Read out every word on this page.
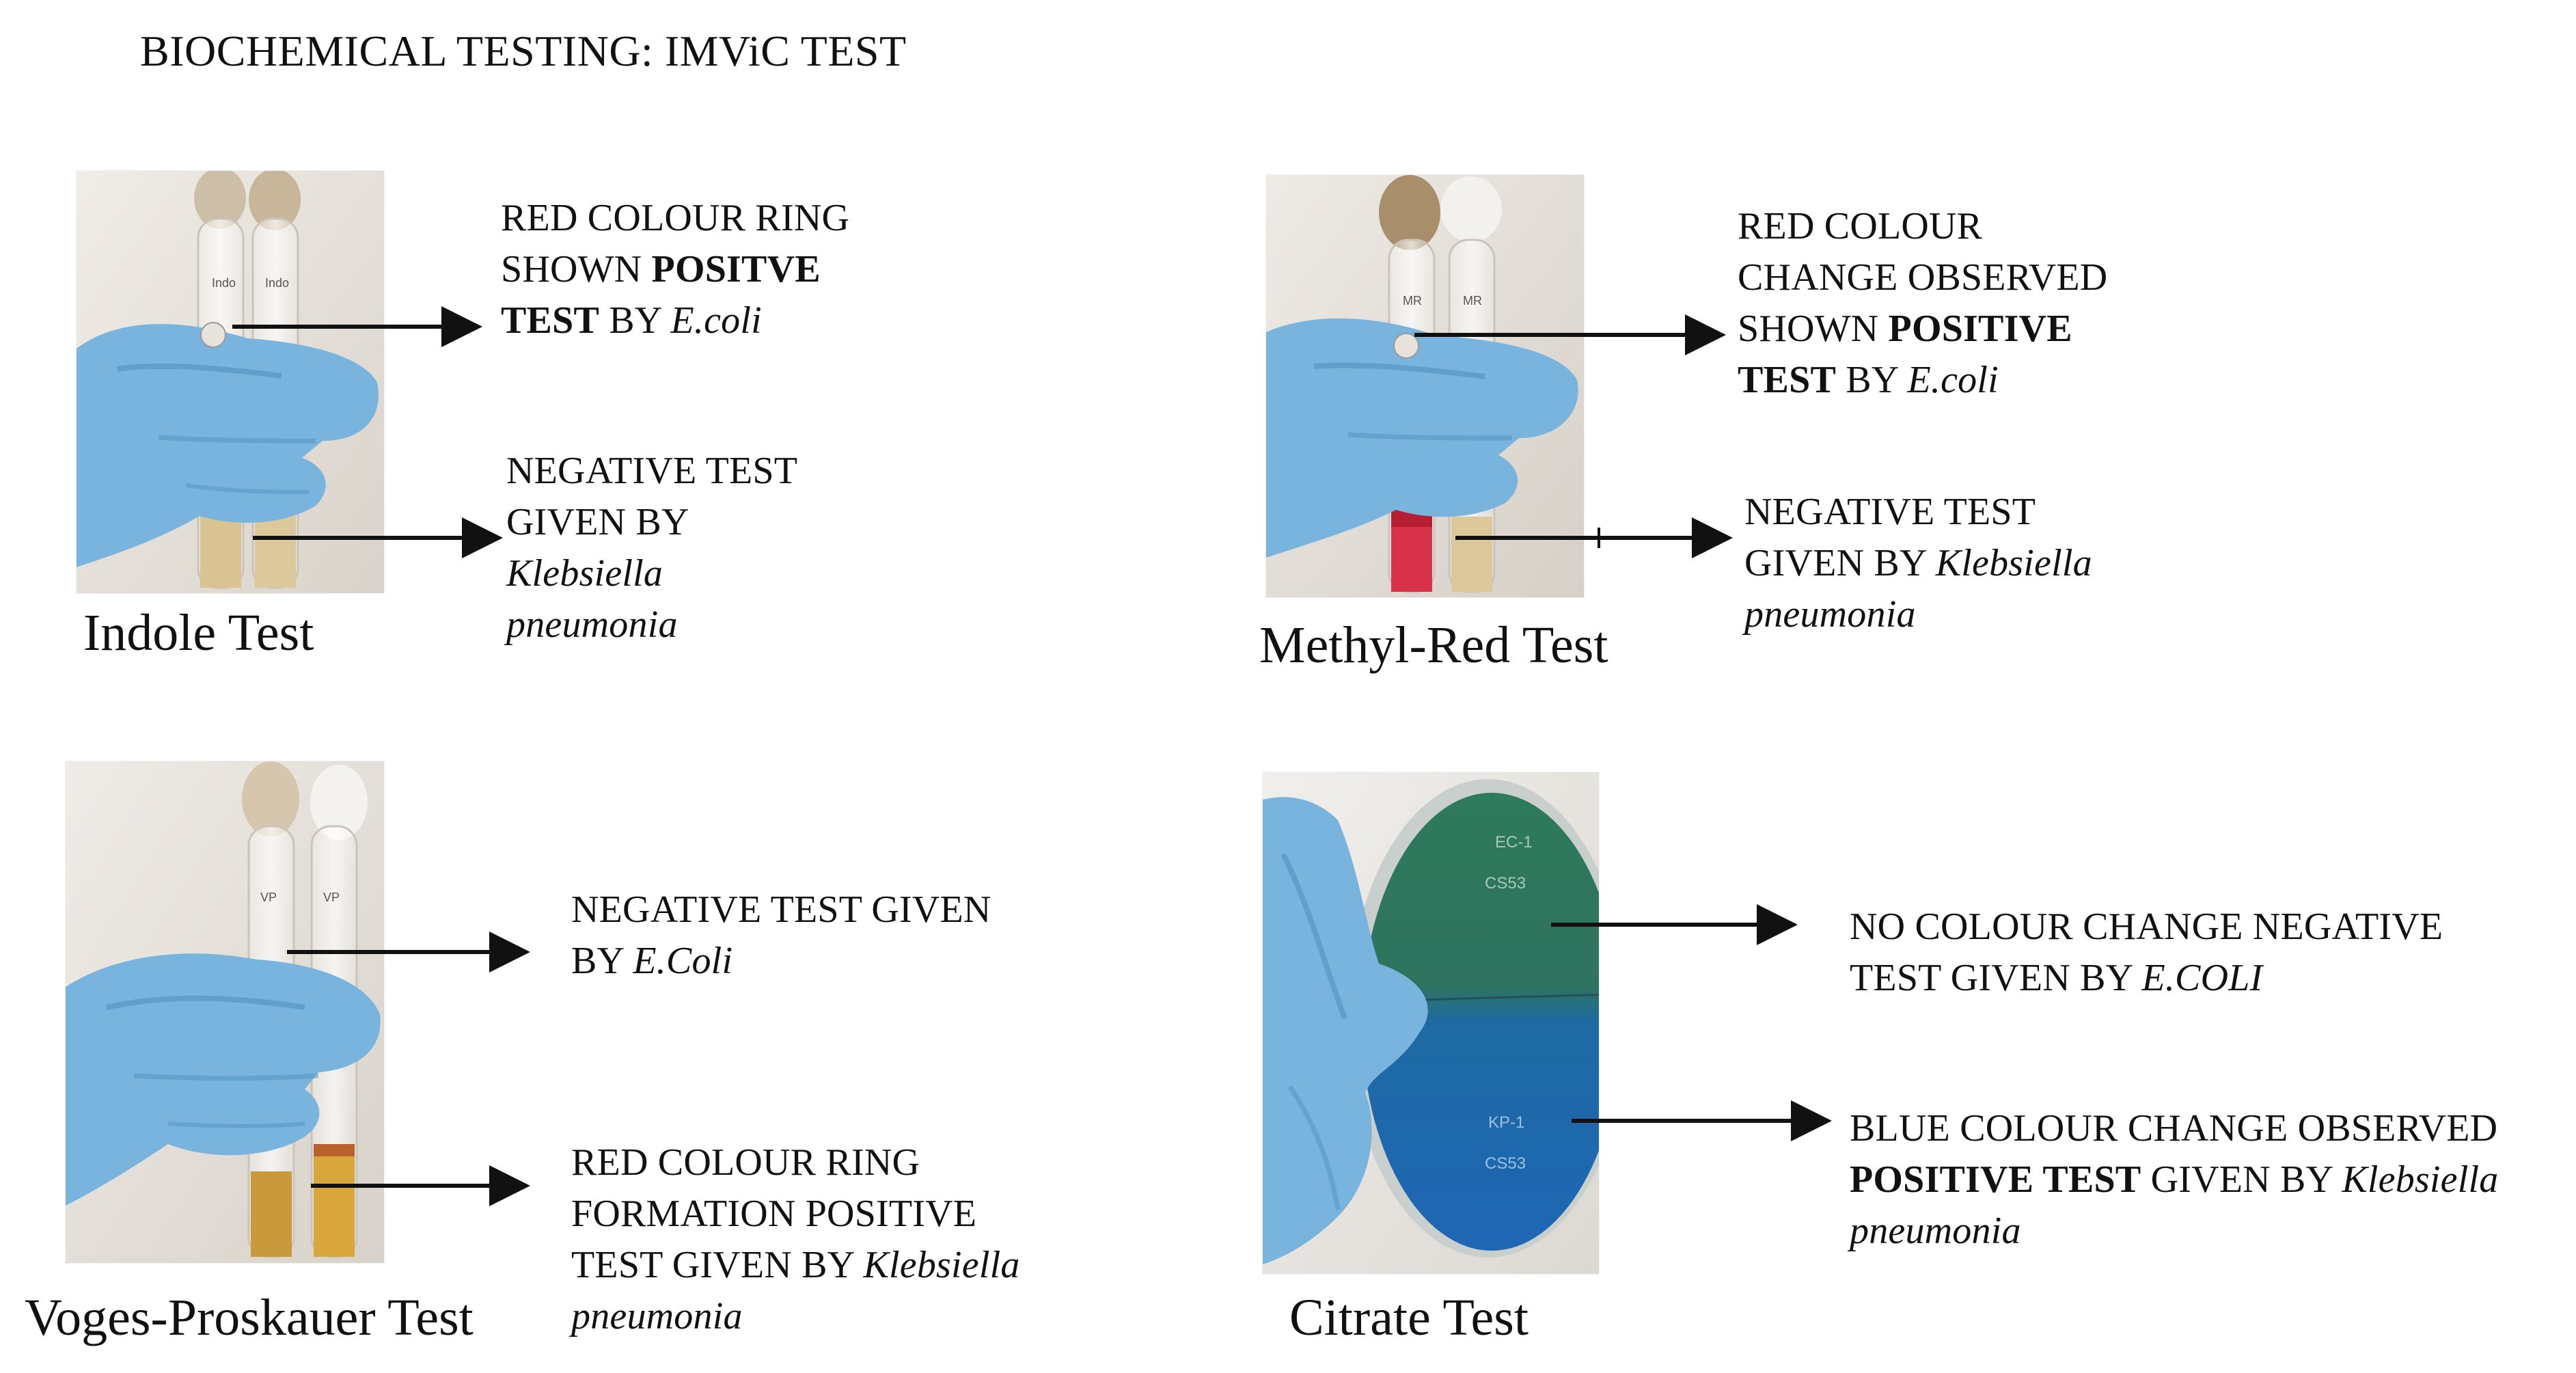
BIOCHEMICAL TESTING: IMViC TEST
Indo Indo
Indole Test
RED COLOUR RING
SHOWN POSITVE
TEST BY E.coli
NEGATIVE TEST
GIVEN BY
Klebsiella
pneumonia
MR	MR
Methyl-Red Test
RED COLOUR
CHANGE OBSERVED
SHOWN POSITIVE
TEST BY E.coli
NEGATIVE TEST
GIVEN BY Klebsiella
pneumonia
VP	VP
Voges-Proskauer Test
NEGATIVE TEST GIVEN
BY E.Coli
RED COLOUR RING
FORMATION POSITIVE
TEST GIVEN BY Klebsiella
pneumonia
EC-1
CS53
KP-1
CS53
Citrate Test
NO COLOUR CHANGE NEGATIVE
TEST GIVEN BY E.COLI
BLUE COLOUR CHANGE OBSERVED
POSITIVE TEST GIVEN BY Klebsiella
pneumonia
